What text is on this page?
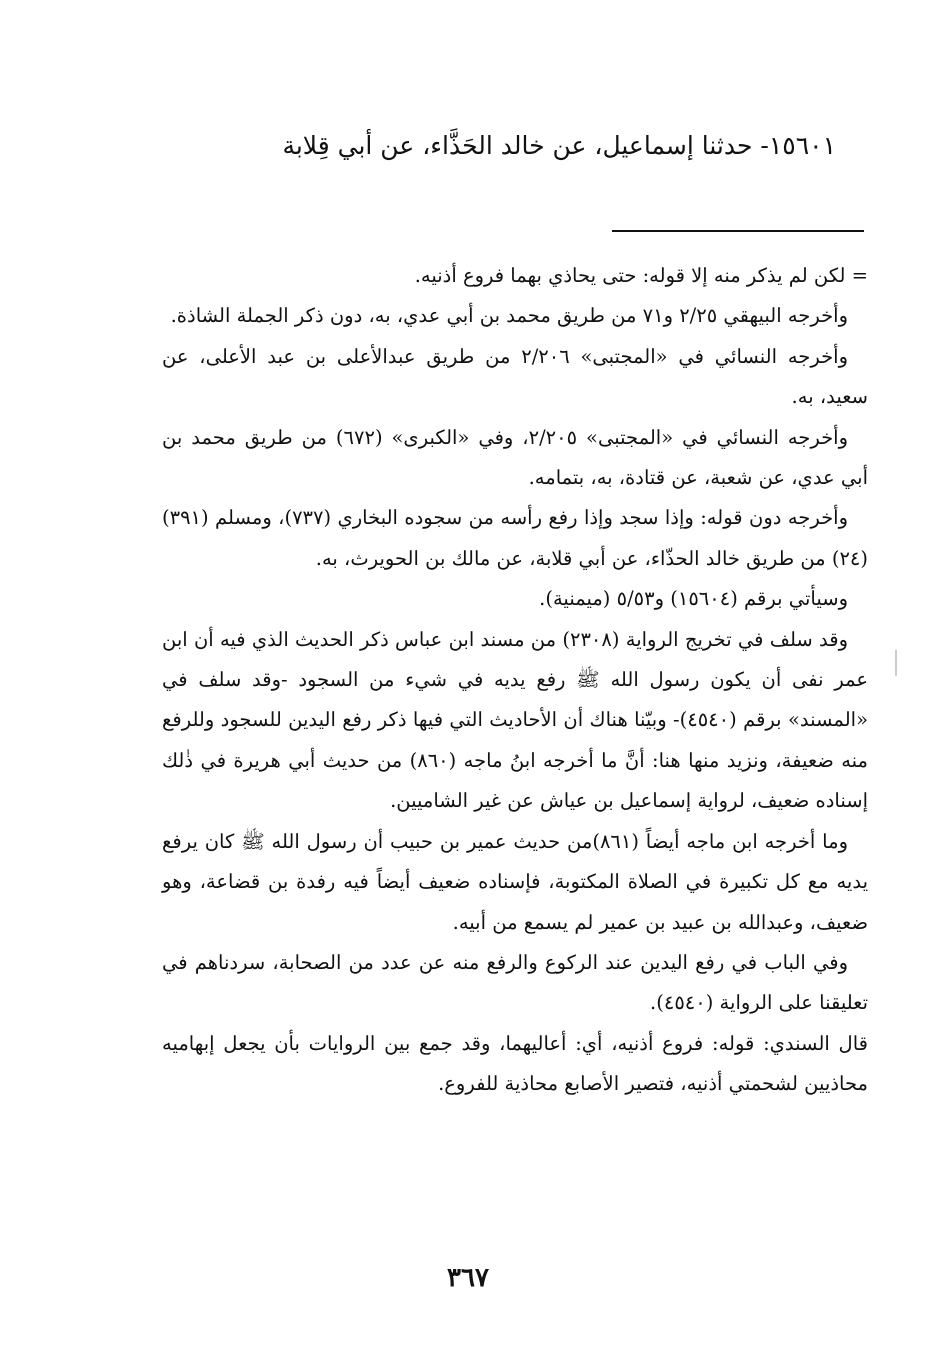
١٥٦٠١- حدثنا إسماعيل، عن خالد الحَذَّاء، عن أبي قِلابة

= لكن لم يذكر منه إلا قوله: حتى يحاذي بهما فروع أذنيه.

وأخرجه البيهقي ٢/٢٥ و٧١ من طريق محمد بن أبي عدي، به، دون ذكر الجملة الشاذة.

وأخرجه النسائي في «المجتبى» ٢/٢٠٦ من طريق عبدالأعلى بن عبد الأعلى، عن سعيد، به.

وأخرجه النسائي في «المجتبى» ٢/٢٠٥، وفي «الكبرى» (٦٧٢) من طريق محمد بن أبي عدي، عن شعبة، عن قتادة، به، بتمامه.

وأخرجه دون قوله: وإذا سجد وإذا رفع رأسه من سجوده البخاري (٧٣٧)، ومسلم (٣٩١) (٢٤) من طريق خالد الحذّاء، عن أبي قلابة، عن مالك بن الحويرث، به.

وسيأتي برقم (١٥٦٠٤) و٥/٥٣ (ميمنية).

وقد سلف في تخريج الرواية (٢٣٠٨) من مسند ابن عباس ذكر الحديث الذي فيه أن ابن عمر نفى أن يكون رسول الله ﷺ رفع يديه في شيء من السجود -وقد سلف في «المسند» برقم (٤٥٤٠)- وبيّنا هناك أن الأحاديث التي فيها ذكر رفع اليدين للسجود وللرفع منه ضعيفة، ونزيد منها هنا: أنَّ ما أخرجه ابنُ ماجه (٨٦٠) من حديث أبي هريرة في ذٰلك إسناده ضعيف، لرواية إسماعيل بن عياش عن غير الشاميين.

وما أخرجه ابن ماجه أيضاً (٨٦١)من حديث عمير بن حبيب أن رسول الله ﷺ كان يرفع يديه مع كل تكبيرة في الصلاة المكتوبة، فإسناده ضعيف أيضاً فيه رفدة بن قضاعة، وهو ضعيف، وعبدالله بن عبيد بن عمير لم يسمع من أبيه.

وفي الباب في رفع اليدين عند الركوع والرفع منه عن عدد من الصحابة، سردناهم في تعليقنا على الرواية (٤٥٤٠).

قال السندي: قوله: فروع أذنيه، أي: أعاليهما، وقد جمع بين الروايات بأن يجعل إبهاميه محاذيين لشحمتي أذنيه، فتصير الأصابع محاذية للفروع.

٣٦٧
